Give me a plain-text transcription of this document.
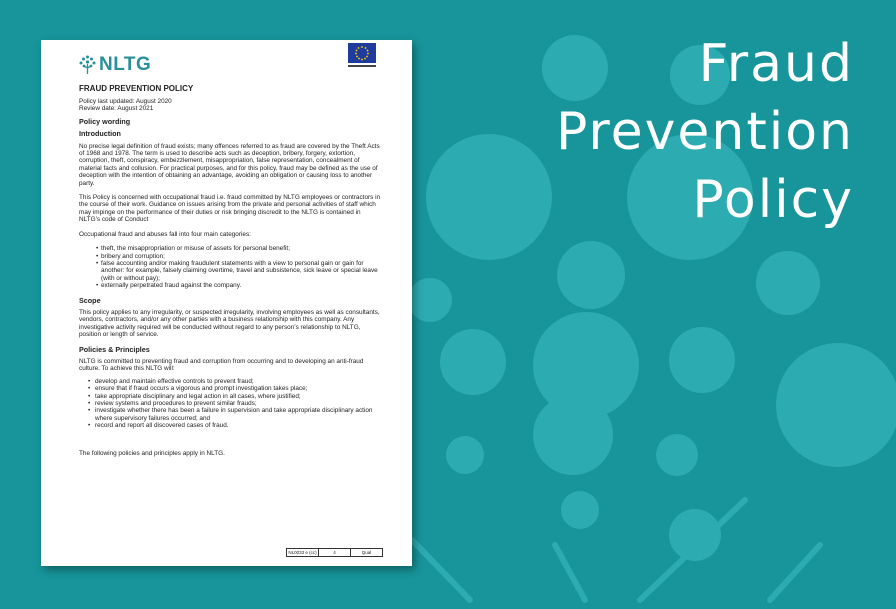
Fraud
Prevention
Policy
NLTG
FRAUD PREVENTION POLICY
Policy last updated: August 2020
Review date: August 2021
Policy wording
Introduction
No precise legal definition of fraud exists; many offences referred to as fraud are covered by the Theft Acts of 1968 and 1978. The term is used to describe acts such as deception, bribery, forgery, extortion, corruption, theft, conspiracy, embezzlement, misappropriation, false representation, concealment of material facts and collusion. For practical purposes, and for this policy, fraud may be defined as the use of deception with the intention of obtaining an advantage, avoiding an obligation or causing loss to another party.
This Policy is concerned with occupational fraud i.e. fraud committed by NLTG employees or contractors in the course of their work. Guidance on issues arising from the private and personal activities of staff which may impinge on the performance of their duties or risk bringing discredit to the NLTG is contained in NLTG’s code of Conduct
Occupational fraud and abuses fall into four main categories:
• theft, the misappropriation or misuse of assets for personal benefit;
• bribery and corruption;
• false accounting and/or making fraudulent statements with a view to personal gain or gain for another: for example, falsely claiming overtime, travel and subsistence, sick leave or special leave (with or without pay);
• externally perpetrated fraud against the company.
Scope
This policy applies to any irregularity, or suspected irregularity, involving employees as well as consultants, vendors, contractors, and/or any other parties with a business relationship with this company. Any investigative activity required will be conducted without regard to any person’s relationship to NLTG, position or length of service.
Policies & Principles
NLTG is committed to preventing fraud and corruption from occurring and to developing an anti-fraud culture. To achieve this NLTG will:
• develop and maintain effective controls to prevent fraud;
• ensure that if fraud occurs a vigorous and prompt investigation takes place;
• take appropriate disciplinary and legal action in all cases, where justified;
• review systems and procedures to prevent similar frauds;
• investigate whether there has been a failure in supervision and take appropriate disciplinary action where supervisory failures occurred; and
• record and report all discovered cases of fraud.
The following policies and principles apply in NLTG.
NL0033 e (cc)	4	Qual
